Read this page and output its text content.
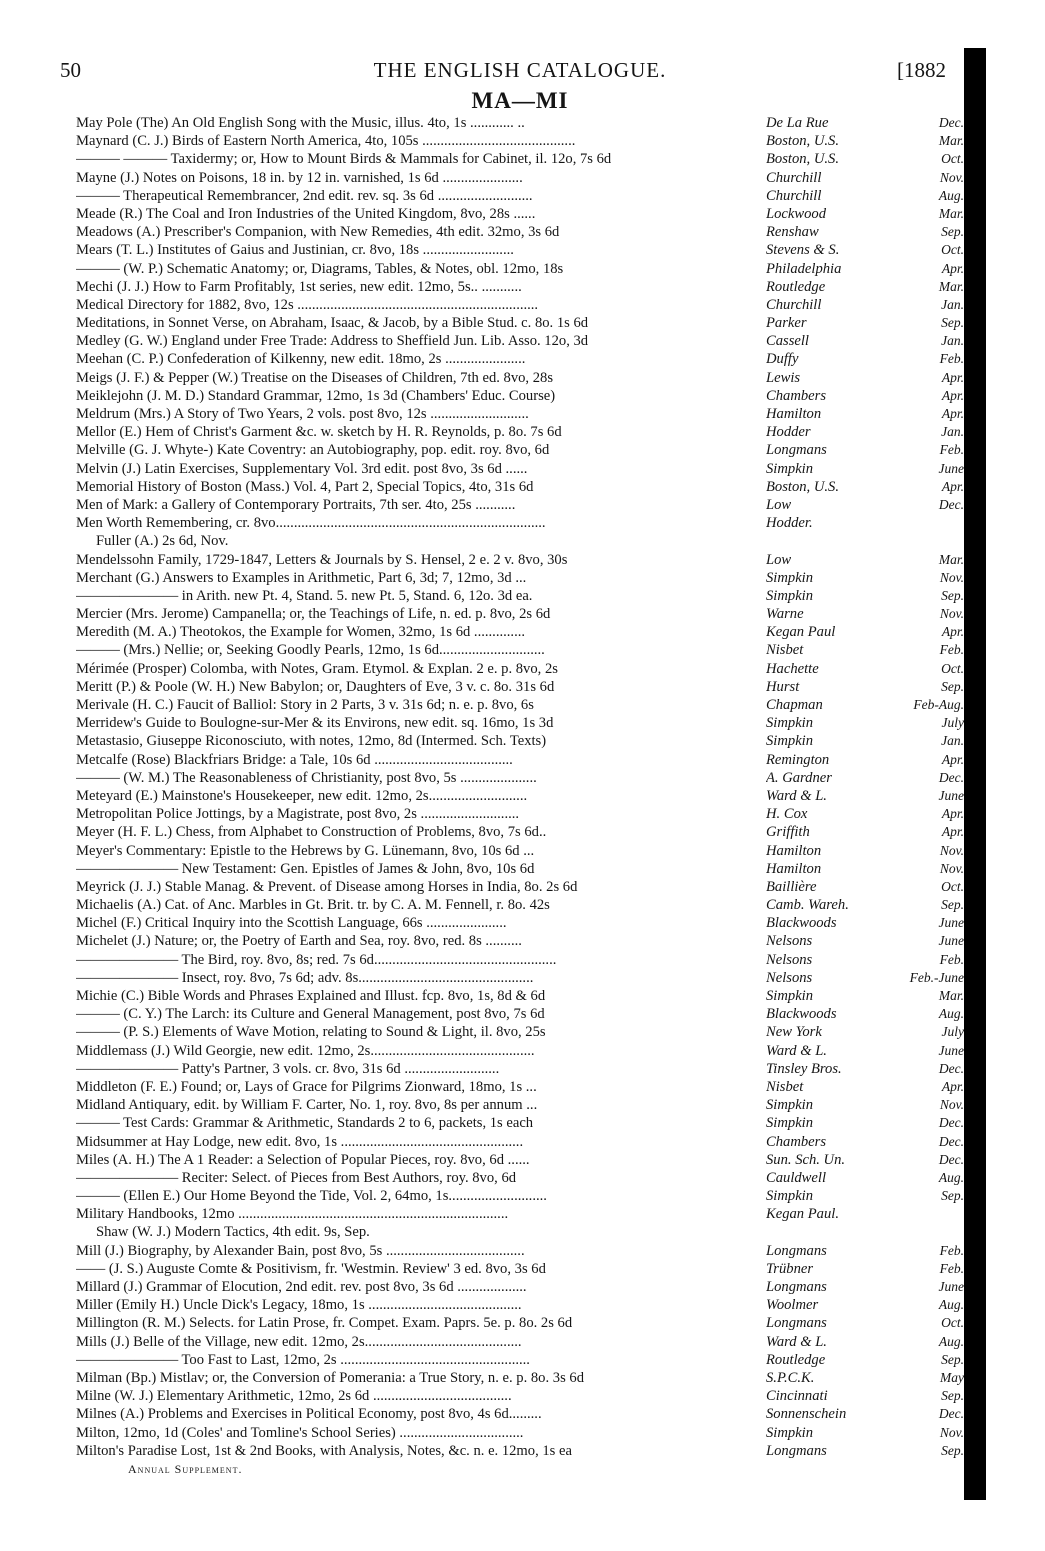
50	THE ENGLISH CATALOGUE.	[1882
MA—MI
May Pole (The) An Old English Song with the Music, illus. 4to, 1s ............ ..	De La Rue	Dec.
Maynard (C. J.) Birds of Eastern North America, 4to, 105s ..........................................	Boston, U.S.	Mar.
——— ——— Taxidermy; or, How to Mount Birds & Mammals for Cabinet, il. 12o, 7s 6d	Boston, U.S.	Oct.
Mayne (J.) Notes on Poisons, 18 in. by 12 in. varnished, 1s 6d ......................	Churchill	Nov.
——— Therapeutical Remembrancer, 2nd edit. rev. sq. 3s 6d ..........................	Churchill	Aug.
Meade (R.) The Coal and Iron Industries of the United Kingdom, 8vo, 28s ......	Lockwood	Mar.
Meadows (A.) Prescriber's Companion, with New Remedies, 4th edit. 32mo, 3s 6d	Renshaw	Sep.
Mears (T. L.) Institutes of Gaius and Justinian, cr. 8vo, 18s .........................	Stevens & S.	Oct.
——— (W. P.) Schematic Anatomy; or, Diagrams, Tables, & Notes, obl. 12mo, 18s	Philadelphia	Apr.
Mechi (J. J.) How to Farm Profitably, 1st series, new edit. 12mo, 5s.. ...........	Routledge	Mar.
Medical Directory for 1882, 8vo, 12s ..................................................................	Churchill	Jan.
Meditations, in Sonnet Verse, on Abraham, Isaac, & Jacob, by a Bible Stud. c. 8o. 1s 6d	Parker	Sep.
Medley (G. W.) England under Free Trade: Address to Sheffield Jun. Lib. Asso. 12o, 3d	Cassell	Jan.
Meehan (C. P.) Confederation of Kilkenny, new edit. 18mo, 2s ......................	Duffy	Feb.
Meigs (J. F.) & Pepper (W.) Treatise on the Diseases of Children, 7th ed. 8vo, 28s	Lewis	Apr.
Meiklejohn (J. M. D.) Standard Grammar, 12mo, 1s 3d (Chambers' Educ. Course)	Chambers	Apr.
Meldrum (Mrs.) A Story of Two Years, 2 vols. post 8vo, 12s ...........................	Hamilton	Apr.
Mellor (E.) Hem of Christ's Garment &c. w. sketch by H. R. Reynolds, p. 8o. 7s 6d	Hodder	Jan.
Melville (G. J. Whyte-) Kate Coventry: an Autobiography, pop. edit. roy. 8vo, 6d	Longmans	Feb.
Melvin (J.) Latin Exercises, Supplementary Vol. 3rd edit. post 8vo, 3s 6d ......	Simpkin	June
Memorial History of Boston (Mass.) Vol. 4, Part 2, Special Topics, 4to, 31s 6d	Boston, U.S.	Apr.
Men of Mark: a Gallery of Contemporary Portraits, 7th ser. 4to, 25s ...........	Low	Dec.
Men Worth Remembering, cr. 8vo..........................................................................	Hodder.
Fuller (A.) 2s 6d, Nov.
Mendelssohn Family, 1729-1847, Letters & Journals by S. Hensel, 2 e. 2 v. 8vo, 30s	Low	Mar.
Merchant (G.) Answers to Examples in Arithmetic, Part 6, 3d; 7, 12mo, 3d ...	Simpkin	Nov.
——————— in Arith. new Pt. 4, Stand. 5. new Pt. 5, Stand. 6, 12o. 3d ea.	Simpkin	Sep.
Mercier (Mrs. Jerome) Campanella; or, the Teachings of Life, n. ed. p. 8vo, 2s 6d	Warne	Nov.
Meredith (M. A.) Theotokos, the Example for Women, 32mo, 1s 6d ..............	Kegan Paul	Apr.
——— (Mrs.) Nellie; or, Seeking Goodly Pearls, 12mo, 1s 6d.............................	Nisbet	Feb.
Mérimée (Prosper) Colomba, with Notes, Gram. Etymol. & Explan. 2 e. p. 8vo, 2s	Hachette	Oct.
Meritt (P.) & Poole (W. H.) New Babylon; or, Daughters of Eve, 3 v. c. 8o. 31s 6d	Hurst	Sep.
Merivale (H. C.) Faucit of Balliol: Story in 2 Parts, 3 v. 31s 6d; n. e. p. 8vo, 6s	Chapman	Feb-Aug.
Merridew's Guide to Boulogne-sur-Mer & its Environs, new edit. sq. 16mo, 1s 3d	Simpkin	July
Metastasio, Giuseppe Riconosciuto, with notes, 12mo, 8d (Intermed. Sch. Texts)	Simpkin	Jan.
Metcalfe (Rose) Blackfriars Bridge: a Tale, 10s 6d ......................................	Remington	Apr.
——— (W. M.) The Reasonableness of Christianity, post 8vo, 5s .....................	A. Gardner	Dec.
Meteyard (E.) Mainstone's Housekeeper, new edit. 12mo, 2s...........................	Ward & L.	June
Metropolitan Police Jottings, by a Magistrate, post 8vo, 2s ...........................	H. Cox	Apr.
Meyer (H. F. L.) Chess, from Alphabet to Construction of Problems, 8vo, 7s 6d..	Griffith	Apr.
Meyer's Commentary: Epistle to the Hebrews by G. Lünemann, 8vo, 10s 6d ...	Hamilton	Nov.
——————— New Testament: Gen. Epistles of James & John, 8vo, 10s 6d	Hamilton	Nov.
Meyrick (J. J.) Stable Manag. & Prevent. of Disease among Horses in India, 8o. 2s 6d	Baillière	Oct.
Michaelis (A.) Cat. of Anc. Marbles in Gt. Brit. tr. by C. A. M. Fennell, r. 8o. 42s	Camb. Wareh.	Sep.
Michel (F.) Critical Inquiry into the Scottish Language, 66s ......................	Blackwoods	June
Michelet (J.) Nature; or, the Poetry of Earth and Sea, roy. 8vo, red. 8s ..........	Nelsons	June
——————— The Bird, roy. 8vo, 8s; red. 7s 6d..................................................	Nelsons	Feb.
——————— Insect, roy. 8vo, 7s 6d; adv. 8s................................................	Nelsons	Feb.-June
Michie (C.) Bible Words and Phrases Explained and Illust. fcp. 8vo, 1s, 8d & 6d	Simpkin	Mar.
——— (C. Y.) The Larch: its Culture and General Management, post 8vo, 7s 6d	Blackwoods	Aug.
——— (P. S.) Elements of Wave Motion, relating to Sound & Light, il. 8vo, 25s	New York	July
Middlemass (J.) Wild Georgie, new edit. 12mo, 2s.............................................	Ward & L.	June
——————— Patty's Partner, 3 vols. cr. 8vo, 31s 6d ..........................	Tinsley Bros.	Dec.
Middleton (F. E.) Found; or, Lays of Grace for Pilgrims Zionward, 18mo, 1s ...	Nisbet	Apr.
Midland Antiquary, edit. by William F. Carter, No. 1, roy. 8vo, 8s per annum ...	Simpkin	Nov.
——— Test Cards: Grammar & Arithmetic, Standards 2 to 6, packets, 1s each	Simpkin	Dec.
Midsummer at Hay Lodge, new edit. 8vo, 1s ..................................................	Chambers	Dec.
Miles (A. H.) The A 1 Reader: a Selection of Popular Pieces, roy. 8vo, 6d ......	Sun. Sch. Un.	Dec.
——————— Reciter: Select. of Pieces from Best Authors, roy. 8vo, 6d	Cauldwell	Aug.
——— (Ellen E.) Our Home Beyond the Tide, Vol. 2, 64mo, 1s...........................	Simpkin	Sep.
Military Handbooks, 12mo ..........................................................................	Kegan Paul.
Shaw (W. J.) Modern Tactics, 4th edit. 9s, Sep.
Mill (J.) Biography, by Alexander Bain, post 8vo, 5s ......................................	Longmans	Feb.
—— (J. S.) Auguste Comte & Positivism, fr. 'Westmin. Review' 3 ed. 8vo, 3s 6d	Trübner	Feb.
Millard (J.) Grammar of Elocution, 2nd edit. rev. post 8vo, 3s 6d ...................	Longmans	June
Miller (Emily H.) Uncle Dick's Legacy, 18mo, 1s ..........................................	Woolmer	Aug.
Millington (R. M.) Selects. for Latin Prose, fr. Compet. Exam. Paprs. 5e. p. 8o. 2s 6d	Longmans	Oct.
Mills (J.) Belle of the Village, new edit. 12mo, 2s...........................................	Ward & L.	Aug.
——————— Too Fast to Last, 12mo, 2s ....................................................	Routledge	Sep.
Milman (Bp.) Mistlav; or, the Conversion of Pomerania: a True Story, n. e. p. 8o. 3s 6d	S.P.C.K.	May
Milne (W. J.) Elementary Arithmetic, 12mo, 2s 6d ......................................	Cincinnati	Sep.
Milnes (A.) Problems and Exercises in Political Economy, post 8vo, 4s 6d.........	Sonnenschein	Dec.
Milton, 12mo, 1d (Coles' and Tomline's School Series) ..................................	Simpkin	Nov.
Milton's Paradise Lost, 1st & 2nd Books, with Analysis, Notes, &c. n. e. 12mo, 1s ea	Longmans	Sep.
Annual Supplement.
